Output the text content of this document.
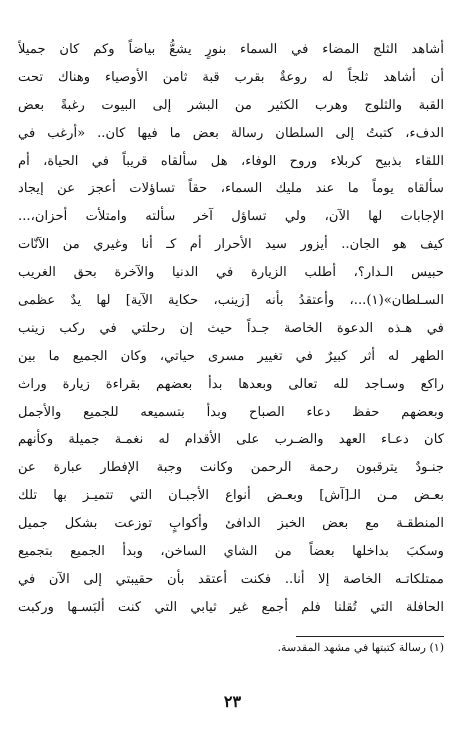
أشاهد الثلج المضاء في السماء بنورٍ يشعُّ بياضاً وكم كان جميلاً
أن أشاهد ثلجاً له روعةٌ بقرب قبة ثامن الأوصياء وهناك تحت
القبة والثلوج وهرب الكثير من البشر إلى البيوت رغبةً بعض
الدفء، كتبتُ إلى السلطان رسالة بعض ما فيها كان.. «أرغب في
اللقاء بذبيح كربلاء وروح الوفاء، هل سألقاه قريباً في الحياة، أم
سألقاه يوماً ما عند مليك السماء، حقاً تساؤلات أعجز عن إيجاد
الإجابات لها الآن، ولي تساؤل آخر سألته وامتلأت أحزان،...
كيف هو الجان.. أيزور سيد الأحرار أم كـ أنا وغيري من الآنّات
حبيس الـدار؟، أطلب الزيارة في الدنيا والآخرة بحق الغريب
السـلطان»(١)...، وأعتقدُ بأنه [زينب، حكاية الآية] لها يدٌ عظمى
في هـذه الدعوة الخاصة جـداً حيث إن رحلتي في ركب زينب
الطهر له أثر كبيرٌ في تغيير مسرى حياتي، وكان الجميع ما بين
راكع وسـاجد لله تعالى وبعدها بدأ بعضهم بقراءة زيارة وراث
وبعضهم حفظ دعاء الصباح وبدأ بتسميعه للجميع والأجمل
كان دعـاء العهد والضـرب على الأقدام له نغمـة جميلة وكأنهم
جنـودٌ يترقبون رحمة الرحمن وكانت وجبة الإفطار عبارة عن
بعـض مـن الـ[آش] وبعـض أنواع الأجبـان التي تتميـز بها تلك
المنطقـة مع بعض الخبز الدافئ وأكوابٍ توزعت بشكل جميل
وسكبَ بداخلها بعضاً من الشاي الساخن، وبدأ الجميع بتجميع
ممتلكاتـه الخاصة إلا أنا.. فكنت أعتقد بأن حقيبتي إلى الآن في
الحافلة التي تُقلنا فلم أجمع غير ثيابي التي كنت ألبَسـها وركبت
(١) رسالة كتبتها في مشهد المقدسة.
٢٣
